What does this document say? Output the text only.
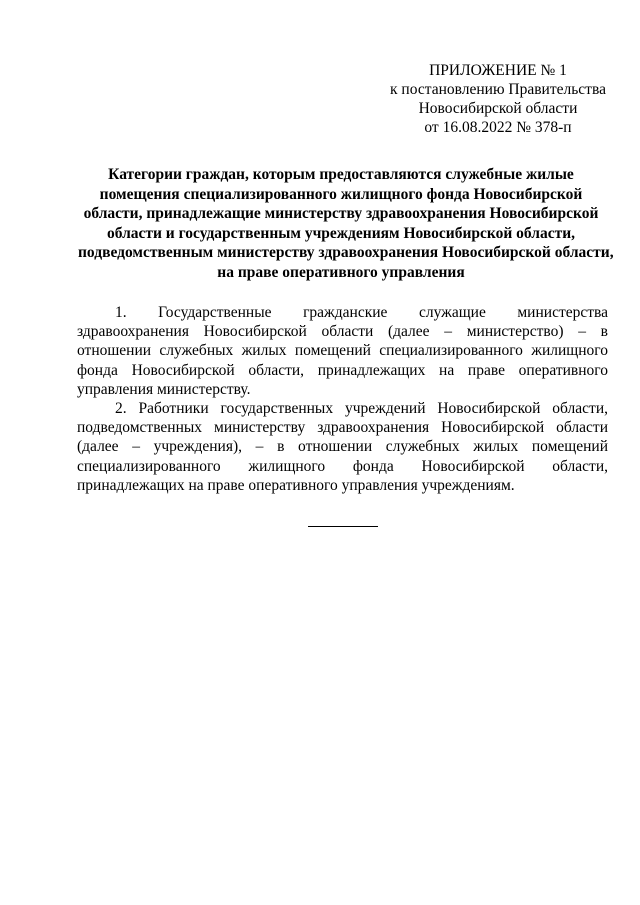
ПРИЛОЖЕНИЕ № 1
к постановлению Правительства
Новосибирской области
от 16.08.2022 № 378-п
Категории граждан, которым предоставляются служебные жилые
помещения специализированного жилищного фонда Новосибирской
области, принадлежащие министерству здравоохранения Новосибирской
области и государственным учреждениям Новосибирской области,
подведомственным министерству здравоохранения Новосибирской области,
на праве оперативного управления

1. Государственные гражданские служащие министерства здравоохранения Новосибирской области (далее – министерство) – в отношении служебных жилых помещений специализированного жилищного фонда Новосибирской области, принадлежащих на праве оперативного управления министерству.

2. Работники государственных учреждений Новосибирской области, подведомственных министерству здравоохранения Новосибирской области (далее – учреждения), – в отношении служебных жилых помещений специализированного жилищного фонда Новосибирской области, принадлежащих на праве оперативного управления учреждениям.
